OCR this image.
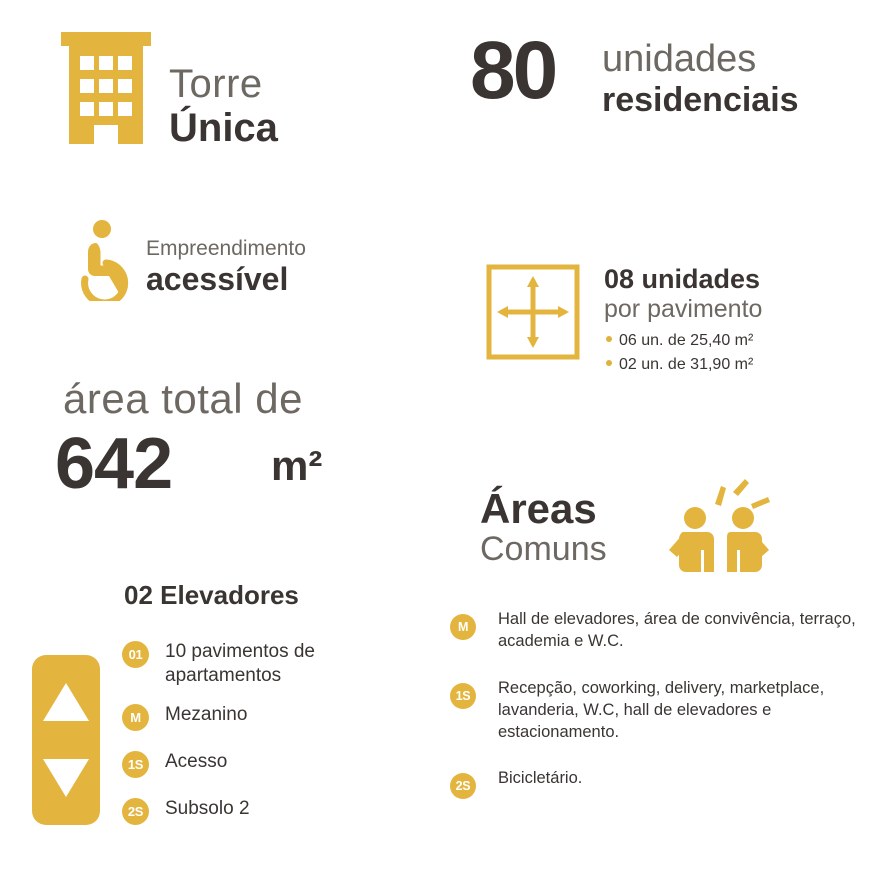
Torre
Única
80 unidades
residenciais
Empreendimento
acessível	08 unidades
por pavimento
06 un. de 25,40 m²
02 un. de 31,90 m²
área total de
642 m²
Áreas
Comuns
M	Hall de elevadores, área de convivência, terraço, academia e W.C.
1S	Recepção, coworking, delivery, marketplace, lavanderia, W.C, hall de elevadores e estacionamento.
2S	Bicicletário.
02 Elevadores
01	10 pavimentos de apartamentos
M	Mezanino
1S	Acesso
2S	Subsolo 2
